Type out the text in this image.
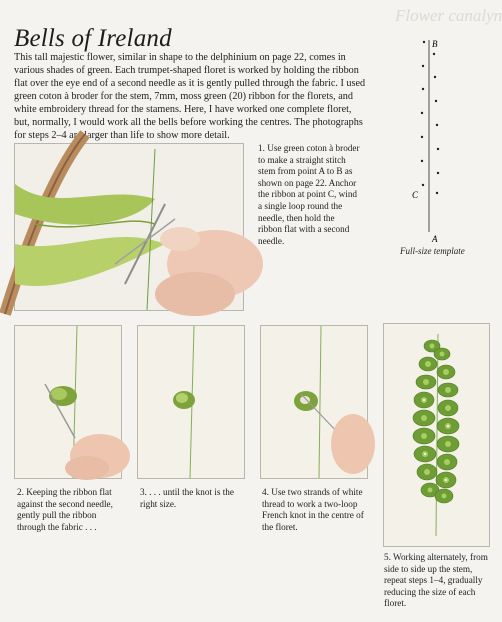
Flower canalyn
Bells of Ireland

This tall majestic flower, similar in shape to the delphinium on page 22, comes in various shades of green. Each trumpet-shaped floret is worked by holding the ribbon flat over the eye end of a second needle as it is gently pulled through the fabric. I used green coton à broder for the stem, 7mm, moss green (20) ribbon for the florets, and white embroidery thread for the stamens. Here, I have worked one complete floret, but, normally, I would work all the bells before working the centres. The photographs for steps 2–4 are larger than life to show more detail.

B
C
A
Full-size template
1. Use green coton à broder to make a straight stitch stem from point A to B as shown on page 22. Anchor the ribbon at point C, wind a single loop round the needle, then hold the ribbon flat with a second needle.
2. Keeping the ribbon flat against the second needle, gently pull the ribbon through the fabric . . .
3. . . . until the knot is the right size.
4. Use two strands of white thread to work a two-loop French knot in the centre of the floret.
5. Working alternately, from side to side up the stem, repeat steps 1–4, gradually reducing the size of each floret.
